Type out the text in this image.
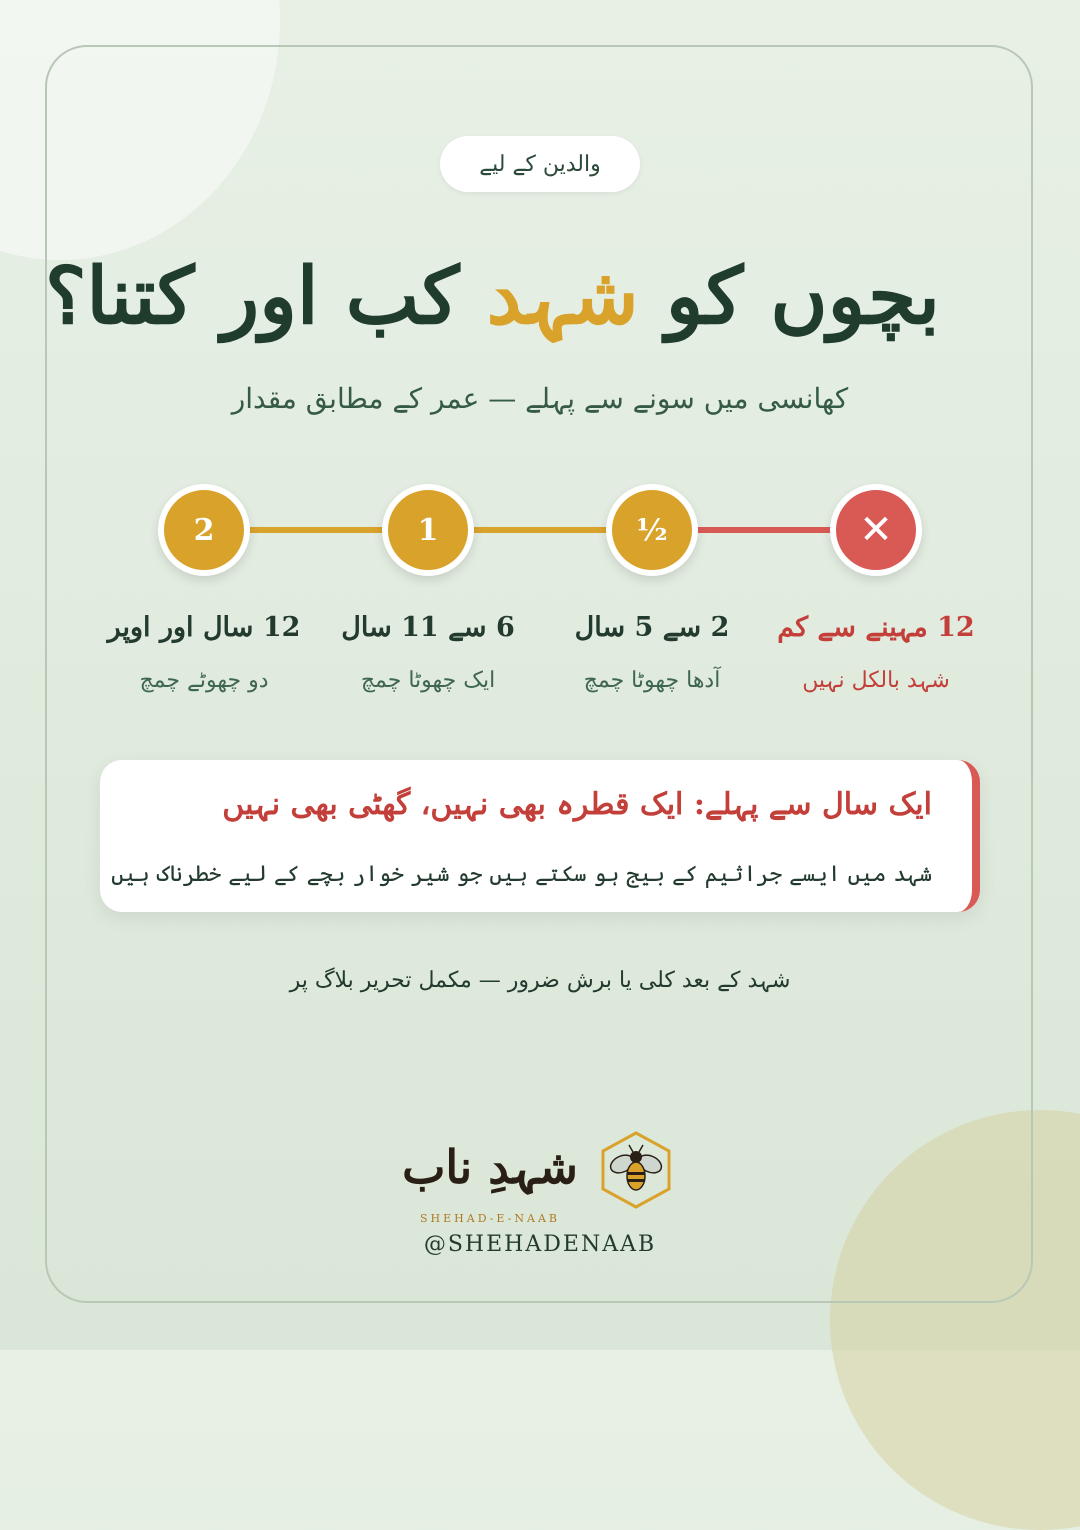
والدین کے لیے
بچوں کو شہد کب اور کتنا؟
کھانسی میں سونے سے پہلے — عمر کے مطابق مقدار
✕
½
1
2
12 مہینے سے کم
شہد بالکل نہیں
2 سے 5 سال
آدھا چھوٹا چمچ
6 سے 11 سال
ایک چھوٹا چمچ
12 سال اور اوپر
دو چھوٹے چمچ
ایک سال سے پہلے: ایک قطرہ بھی نہیں، گھٹی بھی نہیں
شہد میں ایسے جراثیم کے بیج ہو سکتے ہیں جو شیر خوار بچے کے لیے خطرناک ہیں
شہد کے بعد کلی یا برش ضرور — مکمل تحریر بلاگ پر
شہدِ ناب
SHEHAD-E-NAAB
@SHEHADENAAB
